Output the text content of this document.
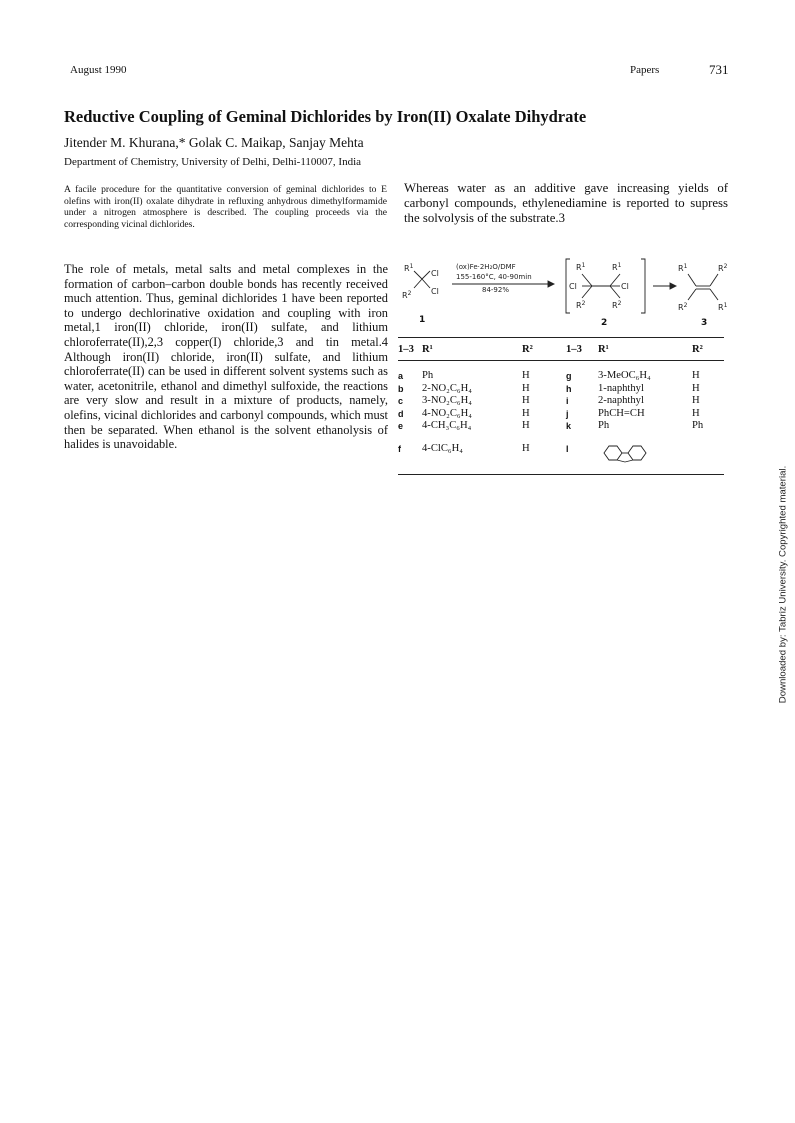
August 1990	Papers	731
Reductive Coupling of Geminal Dichlorides by Iron(II) Oxalate Dihydrate
Jitender M. Khurana,* Golak C. Maikap, Sanjay Mehta
Department of Chemistry, University of Delhi, Delhi-110007, India
A facile procedure for the quantitative conversion of geminal dichlorides to E olefins with iron(II) oxalate dihydrate in refluxing anhydrous dimethylformamide under a nitrogen atmosphere is described. The coupling proceeds via the corresponding vicinal dichlorides.
The role of metals, metal salts and metal complexes in the formation of carbon–carbon double bonds has recently received much attention. Thus, geminal dichlorides 1 have been reported to undergo dechlorinative oxidation and coupling with iron metal,1 iron(II) chloride, iron(II) sulfate, and lithium chloroferrate(II),2,3 copper(I) chloride,3 and tin metal.4 Although iron(II) chloride, iron(II) sulfate, and lithium chloroferrate(II) can be used in different solvent systems such as water, acetonitrile, ethanol and dimethyl sulfoxide, the reactions are very slow and result in a mixture of products, namely, olefins, vicinal dichlorides and carbonyl compounds, which must then be separated. When ethanol is the solvent ethanolysis of halides is unavoidable.
Whereas water as an additive gave increasing yields of carbonyl compounds, ethylenediamine is reported to supress the solvolysis of the substrate.3
$R^1$
Cl
$R^2$ Cl
$R^1$	$R^1$
Cl	Cl
$R^2$	$R^2$
$R^1$	$R^2$
$R^2$	$R^1$
(ox)Fe·2H₂O/DMF
155-160°C, 40-90min
84-92%
1	2	3
1–3	R¹	R²	1–3	R¹	R²
a	Ph	H	g	3-MeOC₆H₄	H
b	2-NO₂C₆H₄	H	h	1-naphthyl	H
c	3-NO₂C₆H₄	H	i	2-naphthyl	H
d	4-NO₂C₆H₄	H	j	PhCH=CH	H
e	4-CH₃C₆H₄	H	k	Ph	Ph
f	4-ClC₆H₄	H	l		
Downloaded by: Tabriz University. Copyrighted material.
